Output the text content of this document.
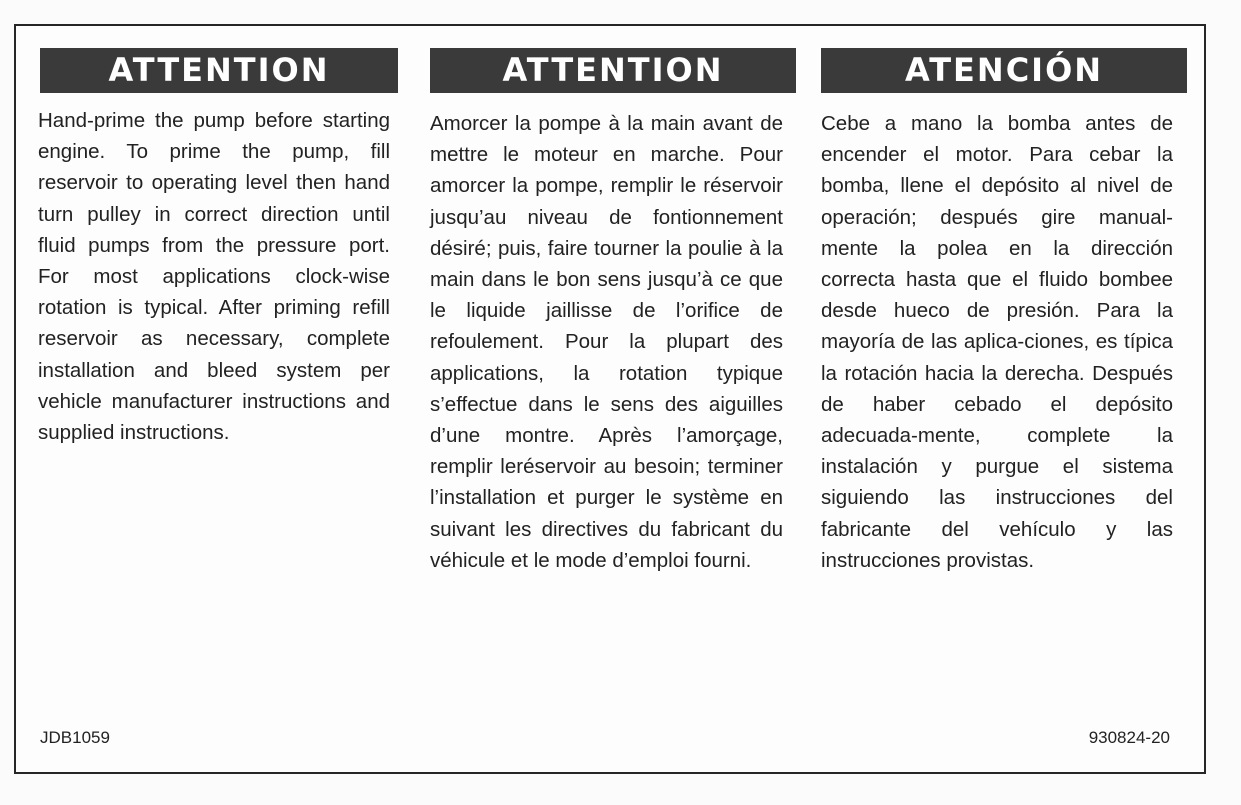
ATTENTION
Hand-prime the pump before starting engine. To prime the pump, fill reservoir to operating level then hand turn pulley in correct direction until fluid pumps from the pressure port. For most applications clock-wise rotation is typical. After priming refill reservoir as necessary, complete installation and bleed system per vehicle manufacturer instructions and supplied instructions.
ATTENTION
Amorcer la pompe à la main avant de mettre le moteur en marche. Pour amorcer la pompe, remplir le réservoir jusqu’au niveau de fontionnement désiré; puis, faire tourner la poulie à la main dans le bon sens jusqu’à ce que le liquide jaillisse de l’orifice de refoulement. Pour la plupart des applications, la rotation typique s’effectue dans le sens des aiguilles d’une montre. Après l’amorçage, remplir leréservoir au besoin; terminer l’installation et purger le système en suivant les directives du fabricant du véhicule et le mode d’emploi fourni.
ATENCIÓN
Cebe a mano la bomba antes de encender el motor. Para cebar la bomba, llene el depósito al nivel de operación; después gire manual-mente la polea en la dirección correcta hasta que el fluido bombee desde hueco de presión. Para la mayoría de las aplica-ciones, es típica la rotación hacia la derecha. Después de haber cebado el depósito adecuada-mente, complete la instalación y purgue el sistema siguiendo las instrucciones del fabricante del vehículo y las instrucciones provistas.
JDB1059	930824-20
